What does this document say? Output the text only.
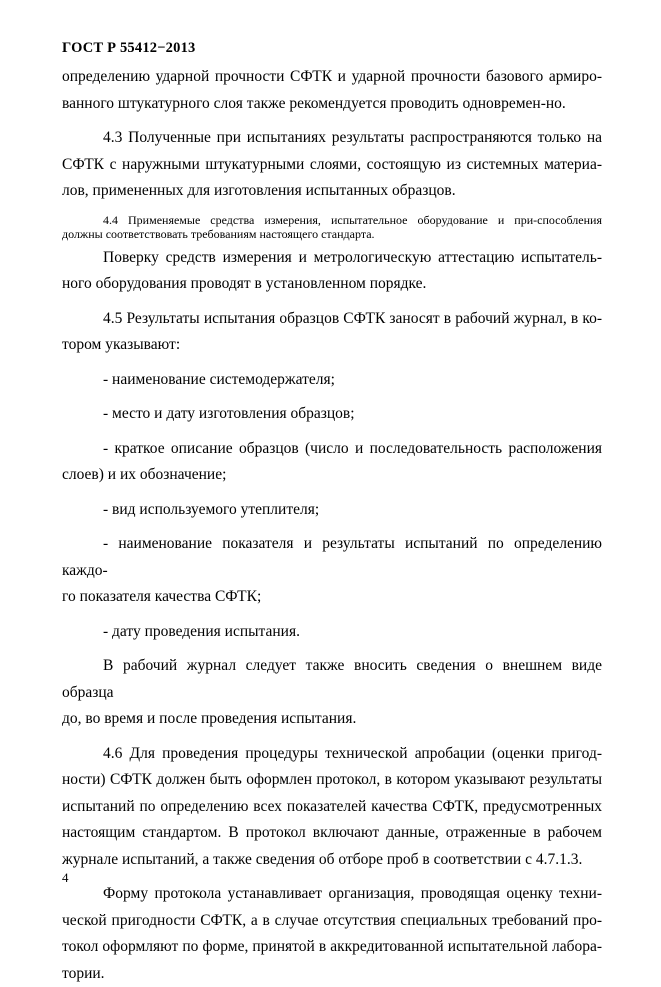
ГОСТ Р 55412−2013

определению ударной прочности СФТК и ударной прочности базового армиро-

ванного штукатурного слоя также рекомендуется проводить одновремен-но.

4.3 Полученные при испытаниях результаты распространяются только на

СФТК с наружными штукатурными слоями, состоящую из системных материа-

лов, примененных для изготовления испытанных образцов.

4.4 Применяемые средства измерения, испытательное оборудование и при-способления
должны соответствовать требованиям настоящего стандарта.

Поверку средств измерения и метрологическую аттестацию испытатель-

ного оборудования проводят в установленном порядке.

4.5 Результаты испытания образцов СФТК заносят в рабочий журнал, в ко-

тором указывают:

- наименование системодержателя;

- место и дату изготовления образцов;

- краткое описание образцов (число и последовательность расположения

слоев) и их обозначение;

- вид используемого утеплителя;

- наименование показателя и результаты испытаний по определению каждо-

го показателя качества СФТК;

- дату проведения испытания.

В рабочий журнал следует также вносить сведения о внешнем виде образца

до, во время и после проведения испытания.

4.6 Для проведения процедуры технической апробации (оценки пригод-

ности) СФТК должен быть оформлен протокол, в котором указывают результаты

испытаний по определению всех показателей качества СФТК, предусмотренных

настоящим стандартом. В протокол включают данные, отраженные в рабочем

журнале испытаний, а также сведения об отборе проб в соответствии с 4.7.1.3.

Форму протокола устанавливает организация, проводящая оценку техни-

ческой пригодности СФТК, а в случае отсутствия специальных требований про-

токол оформляют по форме, принятой в аккредитованной испытательной лабора-

тории.

4
